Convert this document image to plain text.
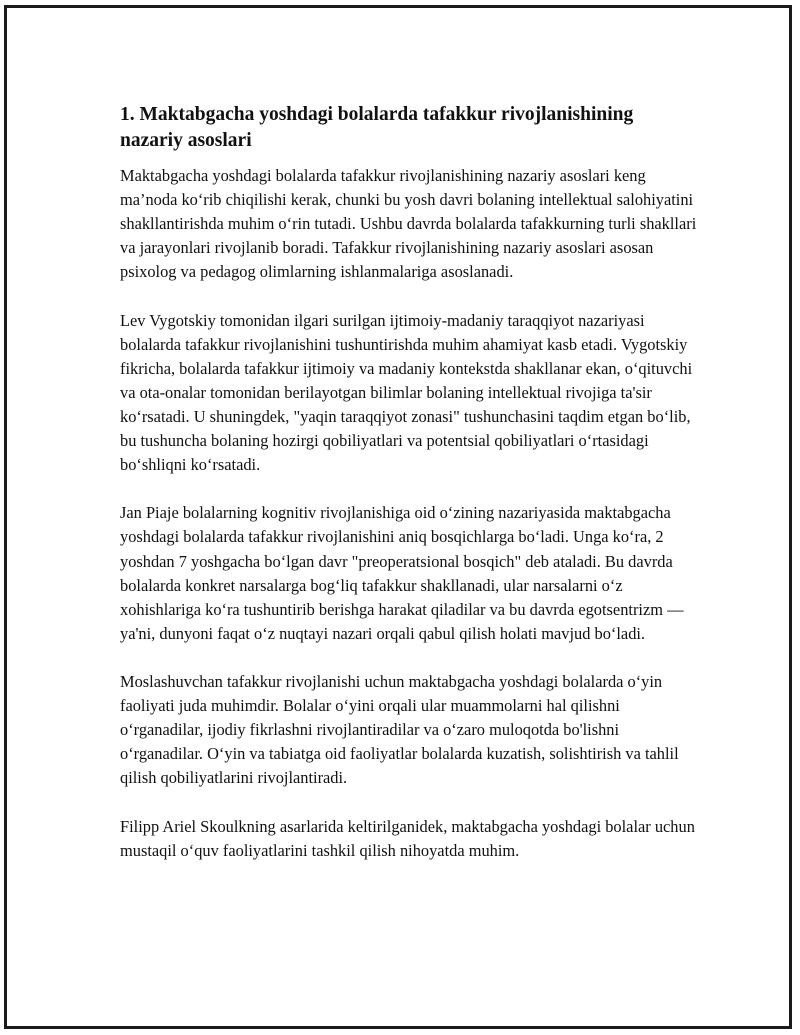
1. Maktabgacha yoshdagi bolalarda tafakkur rivojlanishining nazariy asoslari

Maktabgacha yoshdagi bolalarda tafakkur rivojlanishining nazariy asoslari keng ma’noda ko‘rib chiqilishi kerak, chunki bu yosh davri bolaning intellektual salohiyatini shakllantirishda muhim o‘rin tutadi. Ushbu davrda bolalarda tafakkurning turli shakllari va jarayonlari rivojlanib boradi. Tafakkur rivojlanishining nazariy asoslari asosan psixolog va pedagog olimlarning ishlanmalariga asoslanadi.

Lev Vygotskiy tomonidan ilgari surilgan ijtimoiy-madaniy taraqqiyot nazariyasi bolalarda tafakkur rivojlanishini tushuntirishda muhim ahamiyat kasb etadi. Vygotskiy fikricha, bolalarda tafakkur ijtimoiy va madaniy kontekstda shakllanar ekan, o‘qituvchi va ota-onalar tomonidan berilayotgan bilimlar bolaning intellektual rivojiga ta'sir ko‘rsatadi. U shuningdek, "yaqin taraqqiyot zonasi" tushunchasini taqdim etgan bo‘lib, bu tushuncha bolaning hozirgi qobiliyatlari va potentsial qobiliyatlari o‘rtasidagi bo‘shliqni ko‘rsatadi.

Jan Piaje bolalarning kognitiv rivojlanishiga oid o‘zining nazariyasida maktabgacha yoshdagi bolalarda tafakkur rivojlanishini aniq bosqichlarga bo‘ladi. Unga ko‘ra, 2 yoshdan 7 yoshgacha bo‘lgan davr "preoperatsional bosqich" deb ataladi. Bu davrda bolalarda konkret narsalarga bog‘liq tafakkur shakllanadi, ular narsalarni o‘z xohishlariga ko‘ra tushuntirib berishga harakat qiladilar va bu davrda egotsentrizm — ya'ni, dunyoni faqat o‘z nuqtayi nazari orqali qabul qilish holati mavjud bo‘ladi.

Moslashuvchan tafakkur rivojlanishi uchun maktabgacha yoshdagi bolalarda o‘yin faoliyati juda muhimdir. Bolalar o‘yini orqali ular muammolarni hal qilishni o‘rganadilar, ijodiy fikrlashni rivojlantiradilar va o‘zaro muloqotda bo'lishni o‘rganadilar. O‘yin va tabiatga oid faoliyatlar bolalarda kuzatish, solishtirish va tahlil qilish qobiliyatlarini rivojlantiradi.

Filipp Ariel Skoulkning asarlarida keltirilganidek, maktabgacha yoshdagi bolalar uchun mustaqil o‘quv faoliyatlarini tashkil qilish nihoyatda muhim.
